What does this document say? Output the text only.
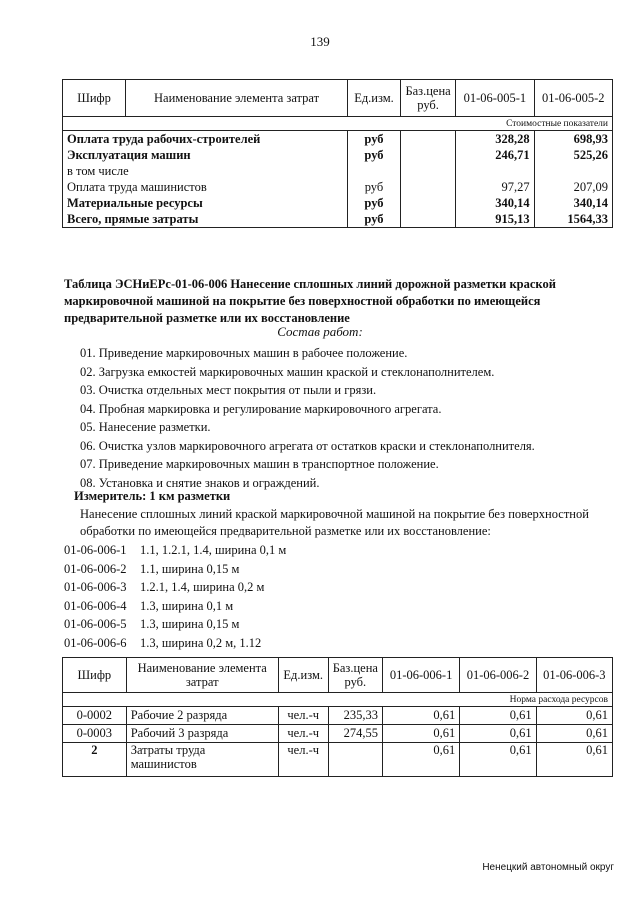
139
Шифр	Наименование элемента затрат	Ед.изм.	Баз.цена руб.	01-06-005-1	01-06-005-2
Стоимостные показатели					
Оплата труда рабочих-строителей		руб		328,28	698,93
Эксплуатация машин		руб		246,71	525,26
в том числе					
Оплата труда машинистов		руб		97,27	207,09
Материальные ресурсы		руб		340,14	340,14
Всего, прямые затраты		руб		915,13	1564,33
Таблица ЭСНиЕРс-01-06-006 Нанесение сплошных линий дорожной разметки краской маркировочной машиной на покрытие без поверхностной обработки по имеющейся предварительной разметке или их восстановление
Состав работ:
01. Приведение маркировочных машин в рабочее положение.
02. Загрузка емкостей маркировочных машин краской и стеклонаполнителем.
03. Очистка отдельных мест покрытия от пыли и грязи.
04. Пробная маркировка и регулирование маркировочного агрегата.
05. Нанесение разметки.
06. Очистка узлов маркировочного агрегата от остатков краски и стеклонаполнителя.
07. Приведение маркировочных машин в транспортное положение.
08. Установка и снятие знаков и ограждений.
Измеритель: 1 км разметки
Нанесение сплошных линий краской маркировочной машиной на покрытие без поверхностной обработки по имеющейся предварительной разметке или их восстановление:
01-06-006-1 1.1, 1.2.1, 1.4, ширина 0,1 м
01-06-006-2 1.1, ширина 0,15 м
01-06-006-3 1.2.1, 1.4, ширина 0,2 м
01-06-006-4 1.3, ширина 0,1 м
01-06-006-5 1.3, ширина 0,15 м
01-06-006-6 1.3, ширина 0,2 м, 1.12
Шифр	Наименование элемента затрат	Ед.изм.	Баз.цена руб.	01-06-006-1	01-06-006-2	01-06-006-3
Норма расхода ресурсов						
0-0002	Рабочие 2 разряда	чел.-ч	235,33	0,61	0,61	0,61
0-0003	Рабочий 3 разряда	чел.-ч	274,55	0,61	0,61	0,61
2	Затраты труда машинистов	чел.-ч		0,61	0,61	0,61
Ненецкий автономный округ
